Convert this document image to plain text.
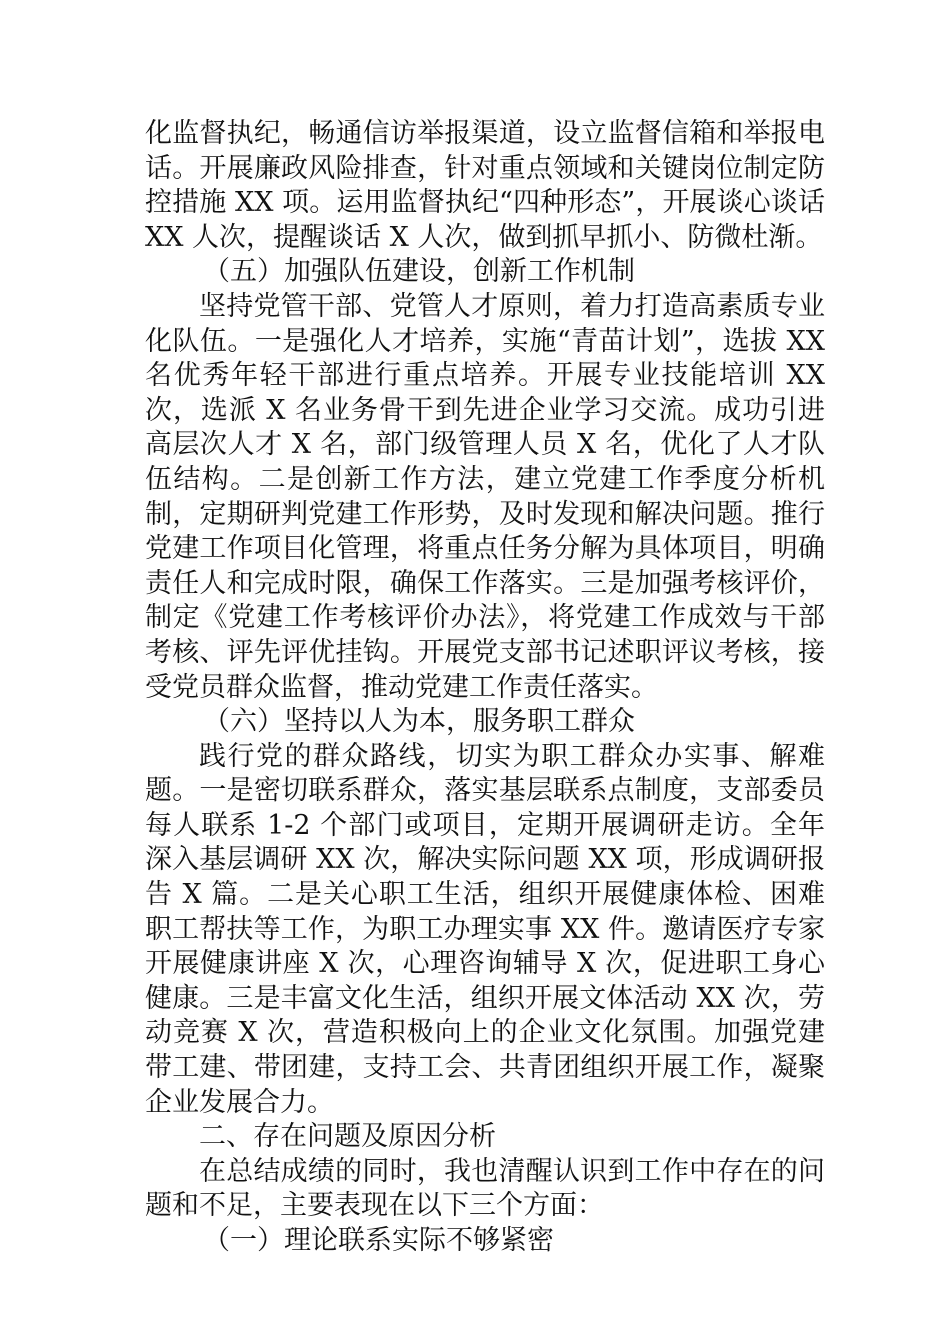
化监督执纪，畅通信访举报渠道，设立监督信箱和举报电话。开展廉政风险排查，针对重点领域和关键岗位制定防控措施 XX 项。运用监督执纪“四种形态”，开展谈心谈话 XX 人次，提醒谈话 X 人次，做到抓早抓小、防微杜渐。

（五）加强队伍建设，创新工作机制

坚持党管干部、党管人才原则，着力打造高素质专业化队伍。一是强化人才培养，实施“青苗计划”，选拔 XX 名优秀年轻干部进行重点培养。开展专业技能培训 XX 次，选派 X 名业务骨干到先进企业学习交流。成功引进高层次人才 X 名，部门级管理人员 X 名，优化了人才队伍结构。二是创新工作方法，建立党建工作季度分析机制，定期研判党建工作形势，及时发现和解决问题。推行党建工作项目化管理，将重点任务分解为具体项目，明确责任人和完成时限，确保工作落实。三是加强考核评价，制定《党建工作考核评价办法》，将党建工作成效与干部考核、评先评优挂钩。开展党支部书记述职评议考核，接受党员群众监督，推动党建工作责任落实。

（六）坚持以人为本，服务职工群众

践行党的群众路线，切实为职工群众办实事、解难题。一是密切联系群众，落实基层联系点制度，支部委员每人联系 1-2 个部门或项目，定期开展调研走访。全年深入基层调研 XX 次，解决实际问题 XX 项，形成调研报告 X 篇。二是关心职工生活，组织开展健康体检、困难职工帮扶等工作，为职工办理实事 XX 件。邀请医疗专家开展健康讲座 X 次，心理咨询辅导 X 次，促进职工身心健康。三是丰富文化生活，组织开展文体活动 XX 次，劳动竞赛 X 次，营造积极向上的企业文化氛围。加强党建带工建、带团建，支持工会、共青团组织开展工作，凝聚企业发展合力。

二、存在问题及原因分析

在总结成绩的同时，我也清醒认识到工作中存在的问题和不足，主要表现在以下三个方面：

（一）理论联系实际不够紧密
